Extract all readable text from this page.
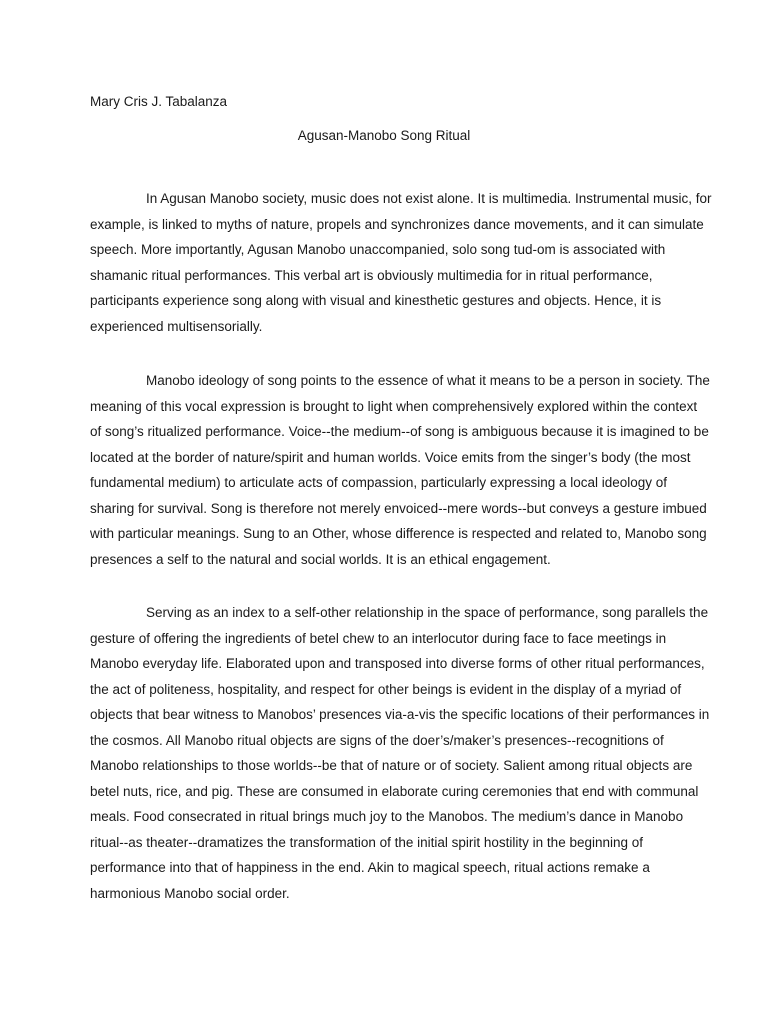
Mary Cris J. Tabalanza
Agusan-Manobo Song Ritual

In Agusan Manobo society, music does not exist alone. It is multimedia. Instrumental music, for
example, is linked to myths of nature, propels and synchronizes dance movements, and it can simulate
speech. More importantly, Agusan Manobo unaccompanied, solo song tud-om is associated with
shamanic ritual performances. This verbal art is obviously multimedia for in ritual performance,
participants experience song along with visual and kinesthetic gestures and objects. Hence, it is
experienced multisensorially.

Manobo ideology of song points to the essence of what it means to be a person in society. The
meaning of this vocal expression is brought to light when comprehensively explored within the context
of song’s ritualized performance. Voice--the medium--of song is ambiguous because it is imagined to be
located at the border of nature/spirit and human worlds. Voice emits from the singer’s body (the most
fundamental medium) to articulate acts of compassion, particularly expressing a local ideology of
sharing for survival. Song is therefore not merely envoiced--mere words--but conveys a gesture imbued
with particular meanings. Sung to an Other, whose difference is respected and related to, Manobo song
presences a self to the natural and social worlds. It is an ethical engagement.

Serving as an index to a self-other relationship in the space of performance, song parallels the
gesture of offering the ingredients of betel chew to an interlocutor during face to face meetings in
Manobo everyday life. Elaborated upon and transposed into diverse forms of other ritual performances,
the act of politeness, hospitality, and respect for other beings is evident in the display of a myriad of
objects that bear witness to Manobos’ presences via-a-vis the specific locations of their performances in
the cosmos. All Manobo ritual objects are signs of the doer’s/maker’s presences--recognitions of
Manobo relationships to those worlds--be that of nature or of society. Salient among ritual objects are
betel nuts, rice, and pig. These are consumed in elaborate curing ceremonies that end with communal
meals. Food consecrated in ritual brings much joy to the Manobos. The medium’s dance in Manobo
ritual--as theater--dramatizes the transformation of the initial spirit hostility in the beginning of
performance into that of happiness in the end. Akin to magical speech, ritual actions remake a
harmonious Manobo social order.
